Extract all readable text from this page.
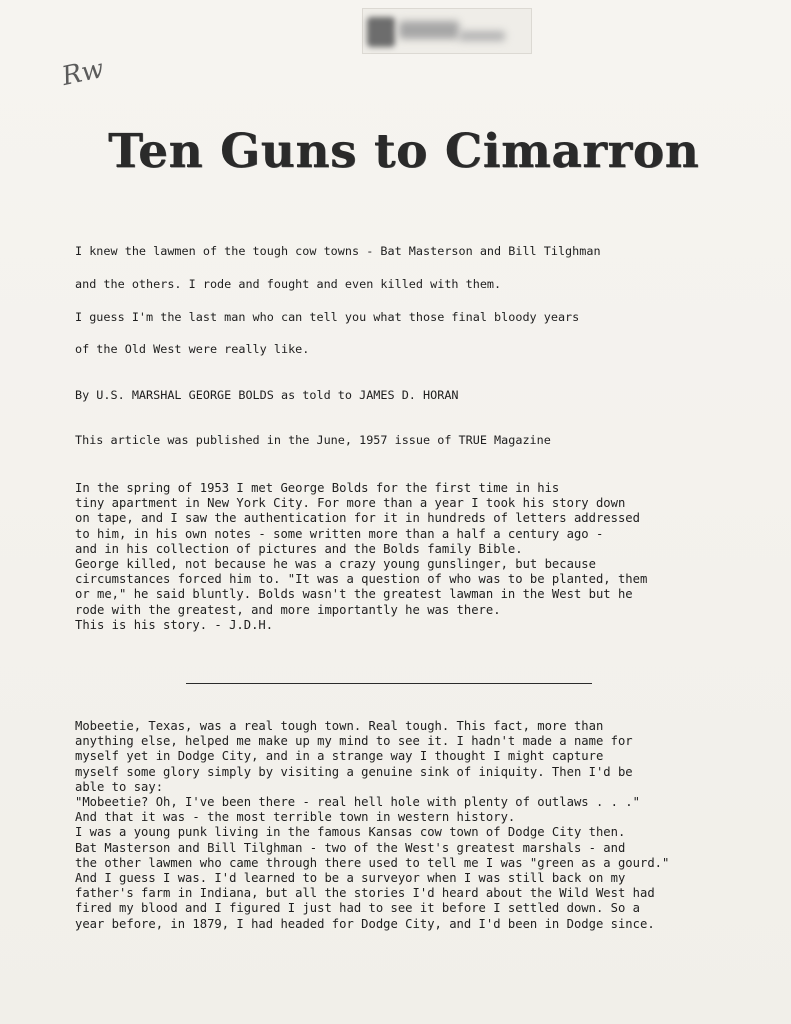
Rw
Ten Guns to Cimarron
I knew the lawmen of the tough cow towns - Bat Masterson and Bill Tilghman
and the others. I rode and fought and even killed with them.
I guess I'm the last man who can tell you what those final bloody years
of the Old West were really like.
By U.S. MARSHAL GEORGE BOLDS as told to JAMES D. HORAN
This article was published in the June, 1957 issue of TRUE Magazine
In the spring of 1953 I met George Bolds for the first time in his
tiny apartment in New York City. For more than a year I took his story down
on tape, and I saw the authentication for it in hundreds of letters addressed
to him, in his own notes - some written more than a half a century ago -
and in his collection of pictures and the Bolds family Bible.
George killed, not because he was a crazy young gunslinger, but because
circumstances forced him to. "It was a question of who was to be planted, them
or me," he said bluntly. Bolds wasn't the greatest lawman in the West but he
rode with the greatest, and more importantly he was there.
This is his story. - J.D.H.
Mobeetie, Texas, was a real tough town. Real tough. This fact, more than
anything else, helped me make up my mind to see it. I hadn't made a name for
myself yet in Dodge City, and in a strange way I thought I might capture
myself some glory simply by visiting a genuine sink of iniquity. Then I'd be
able to say:
"Mobeetie? Oh, I've been there - real hell hole with plenty of outlaws . . ."
And that it was - the most terrible town in western history.
I was a young punk living in the famous Kansas cow town of Dodge City then.
Bat Masterson and Bill Tilghman - two of the West's greatest marshals - and
the other lawmen who came through there used to tell me I was "green as a gourd."
And I guess I was. I'd learned to be a surveyor when I was still back on my
father's farm in Indiana, but all the stories I'd heard about the Wild West had
fired my blood and I figured I just had to see it before I settled down. So a
year before, in 1879, I had headed for Dodge City, and I'd been in Dodge since.
